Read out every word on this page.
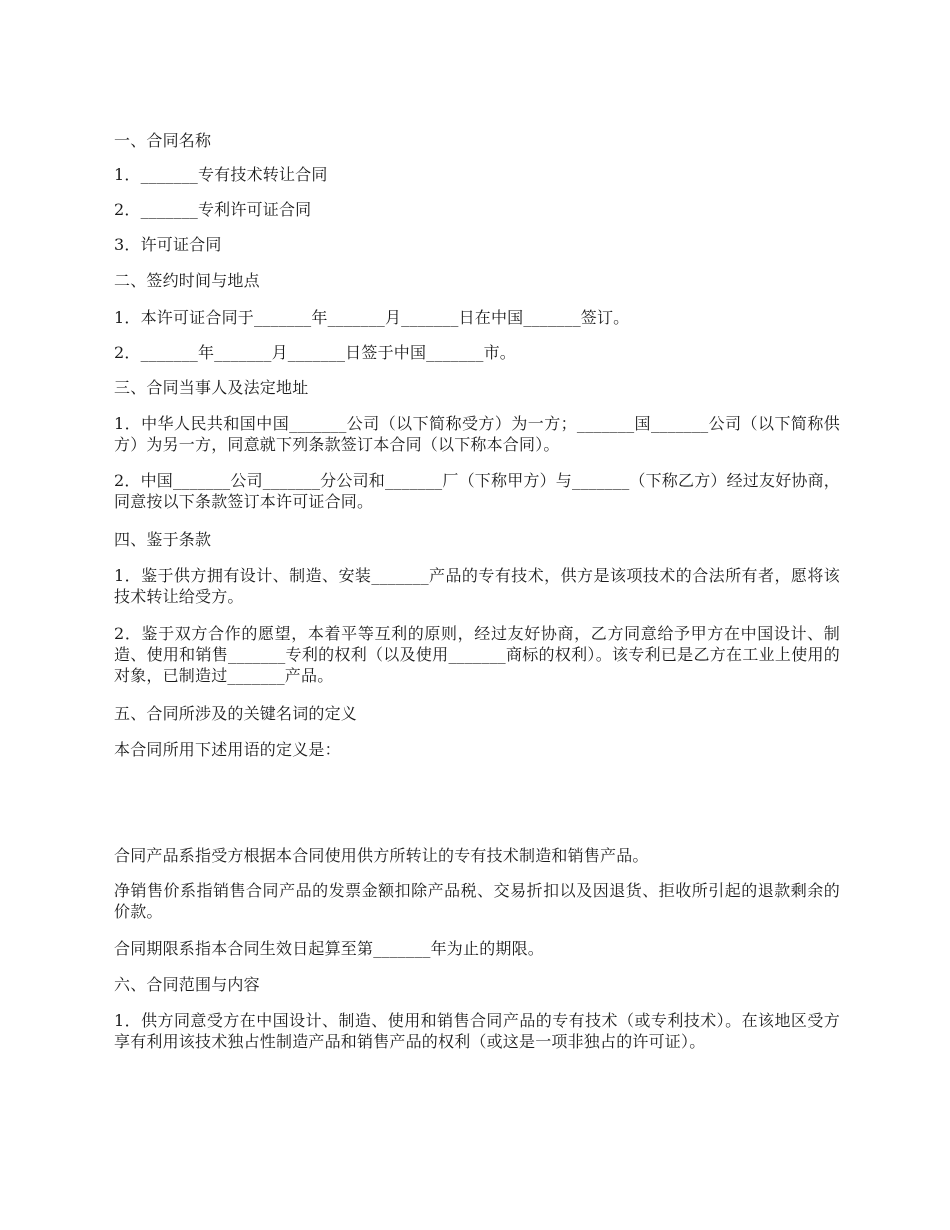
一、合同名称

1．_______专有技术转让合同

2．_______专利许可证合同

3．许可证合同

二、签约时间与地点

1．本许可证合同于_______年_______月_______日在中国_______签订。

2．_______年_______月_______日签于中国_______市。

三、合同当事人及法定地址

1．中华人民共和国中国_______公司（以下简称受方）为一方；_______国_______公司（以下简称供方）为另一方，同意就下列条款签订本合同（以下称本合同）。

2．中国_______公司_______分公司和_______厂（下称甲方）与_______（下称乙方）经过友好协商，同意按以下条款签订本许可证合同。

四、鉴于条款

1．鉴于供方拥有设计、制造、安装_______产品的专有技术，供方是该项技术的合法所有者，愿将该技术转让给受方。

2．鉴于双方合作的愿望，本着平等互利的原则，经过友好协商，乙方同意给予甲方在中国设计、制造、使用和销售_______专利的权利（以及使用_______商标的权利）。该专利已是乙方在工业上使用的对象，已制造过_______产品。

五、合同所涉及的关键名词的定义

本合同所用下述用语的定义是：

合同产品系指受方根据本合同使用供方所转让的专有技术制造和销售产品。

净销售价系指销售合同产品的发票金额扣除产品税、交易折扣以及因退货、拒收所引起的退款剩余的价款。

合同期限系指本合同生效日起算至第_______年为止的期限。

六、合同范围与内容

1．供方同意受方在中国设计、制造、使用和销售合同产品的专有技术（或专利技术）。在该地区受方享有利用该技术独占性制造产品和销售产品的权利（或这是一项非独占的许可证）。
